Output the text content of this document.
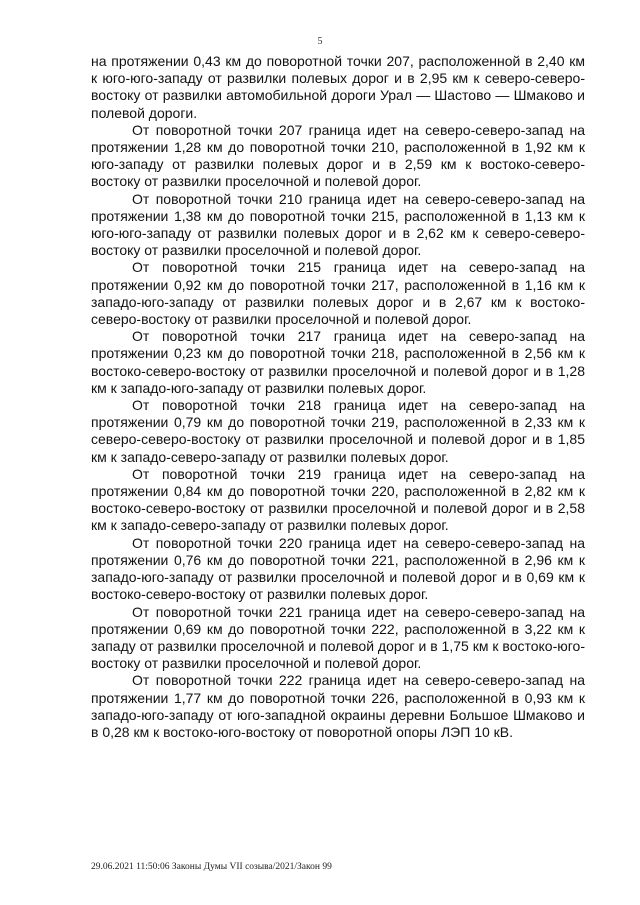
5

на протяжении 0,43 км до поворотной точки 207, расположенной в 2,40 км к юго-юго-западу от развилки полевых дорог и в 2,95 км к северо-северо-востоку от развилки автомобильной дороги Урал — Шастово — Шмаково и полевой дороги.

От поворотной точки 207 граница идет на северо-северо-запад на протяжении 1,28 км до поворотной точки 210, расположенной в 1,92 км к юго-западу от развилки полевых дорог и в 2,59 км к востоко-северо-востоку от развилки проселочной и полевой дорог.

От поворотной точки 210 граница идет на северо-северо-запад на протяжении 1,38 км до поворотной точки 215, расположенной в 1,13 км к юго-юго-западу от развилки полевых дорог и в 2,62 км к северо-северо-востоку от развилки проселочной и полевой дорог.

От поворотной точки 215 граница идет на северо-запад на протяжении 0,92 км до поворотной точки 217, расположенной в 1,16 км к западо-юго-западу от развилки полевых дорог и в 2,67 км к востоко-северо-востоку от развилки проселочной и полевой дорог.

От поворотной точки 217 граница идет на северо-запад на протяжении 0,23 км до поворотной точки 218, расположенной в 2,56 км к востоко-северо-востоку от развилки проселочной и полевой дорог и в 1,28 км к западо-юго-западу от развилки полевых дорог.

От поворотной точки 218 граница идет на северо-запад на протяжении 0,79 км до поворотной точки 219, расположенной в 2,33 км к северо-северо-востоку от развилки проселочной и полевой дорог и в 1,85 км к западо-северо-западу от развилки полевых дорог.

От поворотной точки 219 граница идет на северо-запад на протяжении 0,84 км до поворотной точки 220, расположенной в 2,82 км к востоко-северо-востоку от развилки проселочной и полевой дорог и в 2,58 км к западо-северо-западу от развилки полевых дорог.

От поворотной точки 220 граница идет на северо-северо-запад на протяжении 0,76 км до поворотной точки 221, расположенной в 2,96 км к западо-юго-западу от развилки проселочной и полевой дорог и в 0,69 км к востоко-северо-востоку от развилки полевых дорог.

От поворотной точки 221 граница идет на северо-северо-запад на протяжении 0,69 км до поворотной точки 222, расположенной в 3,22 км к западу от развилки проселочной и полевой дорог и в 1,75 км к востоко-юго-востоку от развилки проселочной и полевой дорог.

От поворотной точки 222 граница идет на северо-северо-запад на протяжении 1,77 км до поворотной точки 226, расположенной в 0,93 км к западо-юго-западу от юго-западной окраины деревни Большое Шмаково и в 0,28 км к востоко-юго-востоку от поворотной опоры ЛЭП 10 кВ.

29.06.2021 11:50:06 Законы Думы VII созыва/2021/Закон 99
